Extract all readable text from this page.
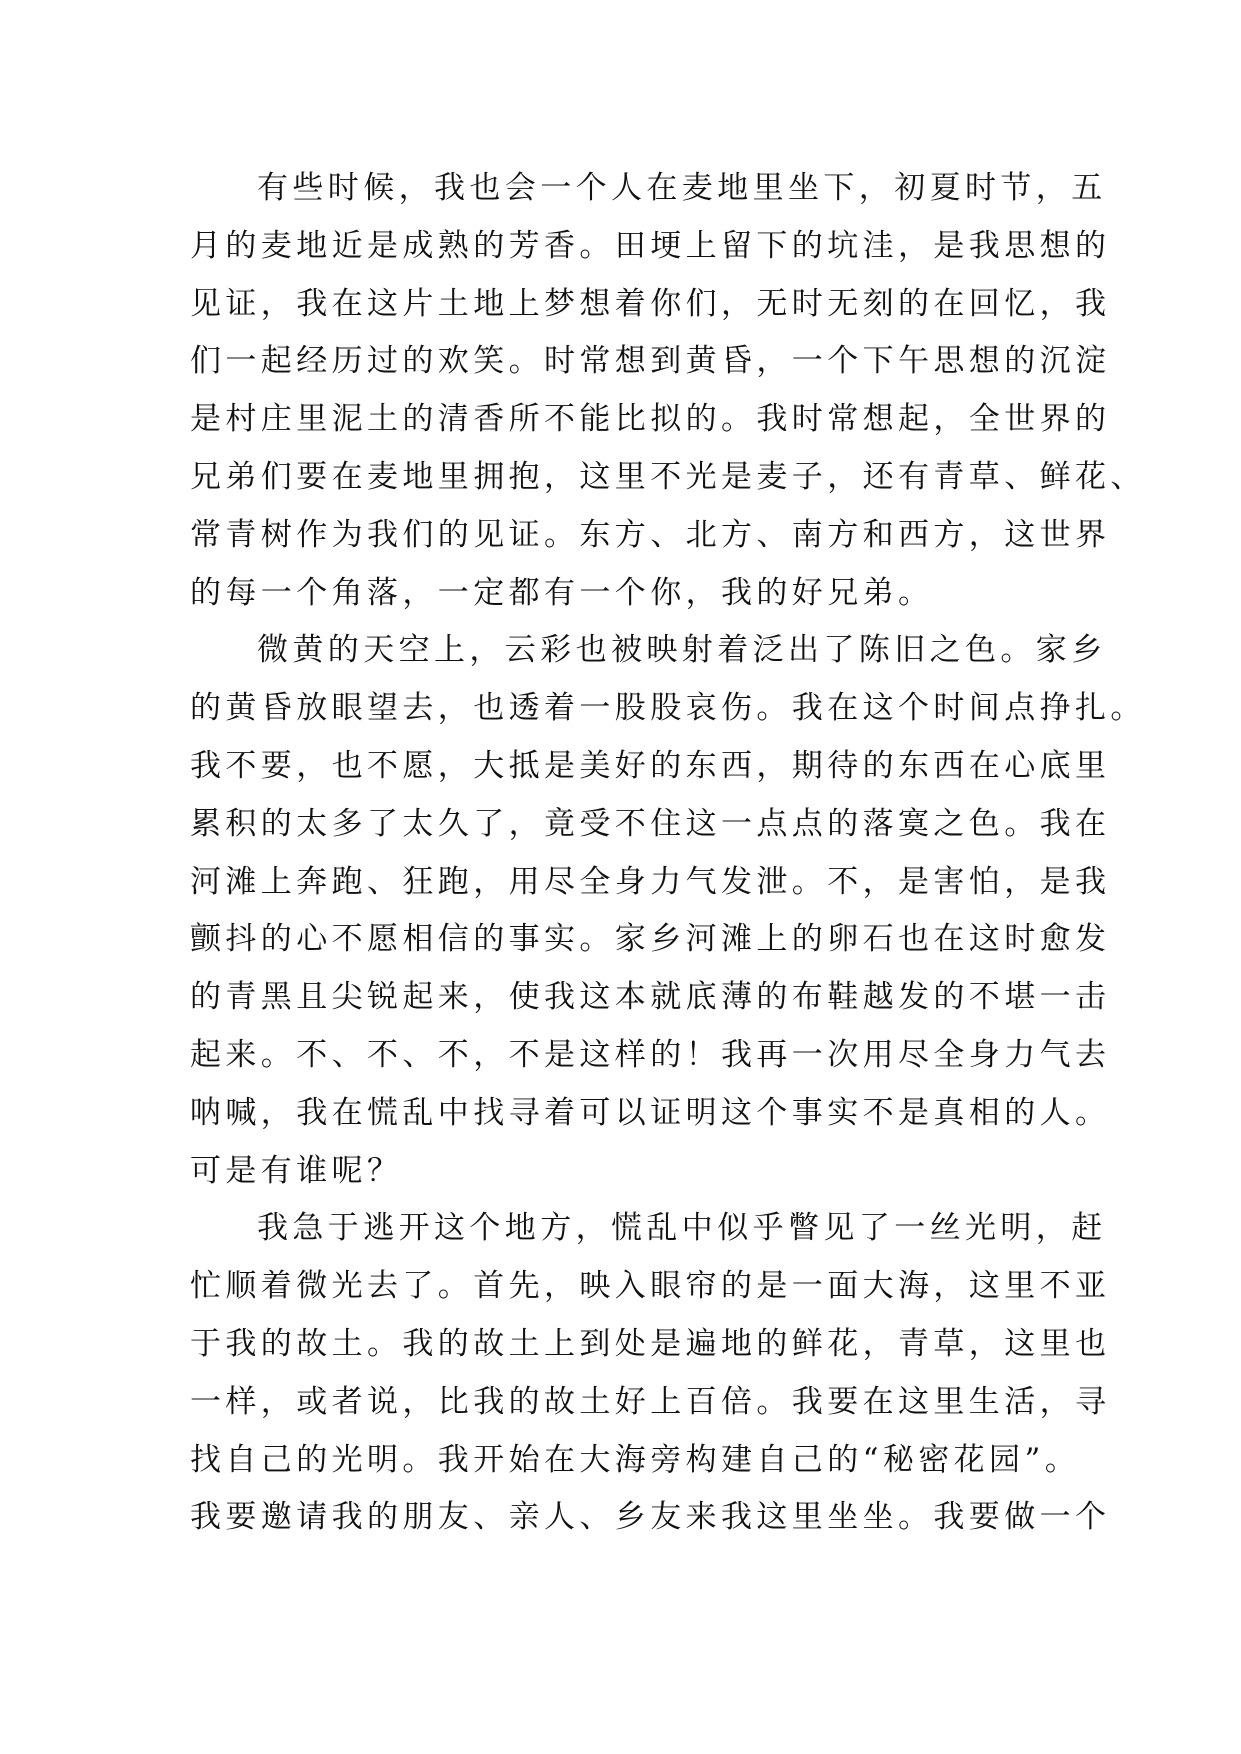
有些时候，我也会一个人在麦地里坐下，初夏时节，五
月的麦地近是成熟的芳香。田埂上留下的坑洼，是我思想的
见证，我在这片土地上梦想着你们，无时无刻的在回忆，我
们一起经历过的欢笑。时常想到黄昏，一个下午思想的沉淀
是村庄里泥土的清香所不能比拟的。我时常想起，全世界的
兄弟们要在麦地里拥抱，这里不光是麦子，还有青草、鲜花、
常青树作为我们的见证。东方、北方、南方和西方，这世界
的每一个角落，一定都有一个你，我的好兄弟。

微黄的天空上，云彩也被映射着泛出了陈旧之色。家乡
的黄昏放眼望去，也透着一股股哀伤。我在这个时间点挣扎。
我不要，也不愿，大抵是美好的东西，期待的东西在心底里
累积的太多了太久了，竟受不住这一点点的落寞之色。我在
河滩上奔跑、狂跑，用尽全身力气发泄。不，是害怕，是我
颤抖的心不愿相信的事实。家乡河滩上的卵石也在这时愈发
的青黑且尖锐起来，使我这本就底薄的布鞋越发的不堪一击
起来。不、不、不，不是这样的！我再一次用尽全身力气去
呐喊，我在慌乱中找寻着可以证明这个事实不是真相的人。
可是有谁呢？

我急于逃开这个地方，慌乱中似乎瞥见了一丝光明，赶
忙顺着微光去了。首先，映入眼帘的是一面大海，这里不亚
于我的故土。我的故土上到处是遍地的鲜花，青草，这里也
一样，或者说，比我的故土好上百倍。我要在这里生活，寻
找自己的光明。我开始在大海旁构建自己的“秘密花园”。
我要邀请我的朋友、亲人、乡友来我这里坐坐。我要做一个
